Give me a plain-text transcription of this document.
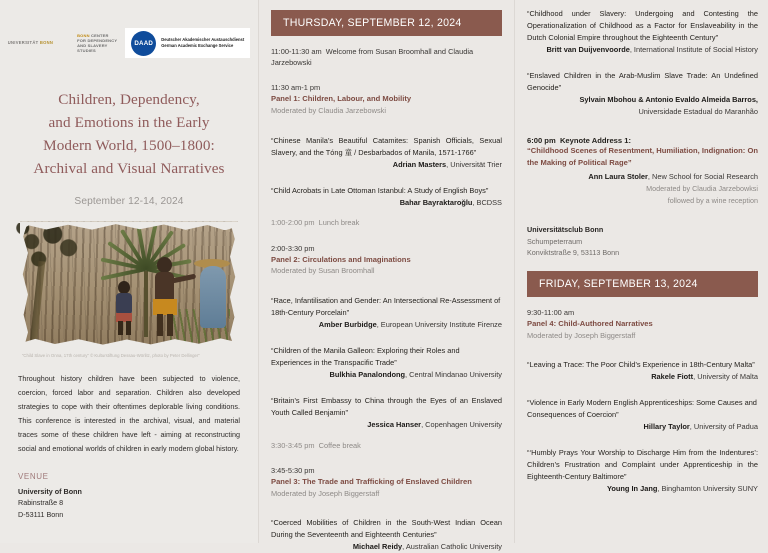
UNIVERSITÄT BONN
BONN CENTER
FOR DEPENDENCY
AND SLAVERY
STUDIES
DAAD	Deutscher Akademischer Austauschdienst
German Academic Exchange Service
Children, Dependency,
and Emotions in the Early
Modern World, 1500–1800:
Archival and Visual Narratives
September 12-14, 2024
“Child Slave in Onna, 17th century” © Kulturstiftung Dessau-Wörlitz, photo by Peter Dellinger”
Throughout history children have been subjected to violence, coercion, forced labor and separation. Children also developed strategies to cope with their oftentimes deplorable living conditions. This conference is interested in the archival, visual, and material traces some of these children have left - aiming at reconstructing social and emotional worlds of children in early modern global history.
VENUE
University of Bonn
Rabinstraße 8
D-53111 Bonn
THURSDAY, SEPTEMBER 12, 2024
11:00-11:30 am Welcome from Susan Broomhall and Claudia Jarzebowski
11:30 am-1 pm
Panel 1: Children, Labour, and Mobility
Moderated by Claudia Jarzebowski
“Chinese Manila’s Beautiful Catamites: Spanish Officials, Sexual Slavery, and the Tóng 童 / Desbarbados of Manila, 1571-1766”
Adrian Masters, Universität Trier
“Child Acrobats in Late Ottoman Istanbul: A Study of English Boys”
Bahar Bayraktaroğlu, BCDSS
1:00-2:00 pm Lunch break
2:00-3:30 pm
Panel 2: Circulations and Imaginations
Moderated by Susan Broomhall
“Race, Infantilisation and Gender: An Intersectional Re-Assessment of 18th-Century Porcelain”
Amber Burbidge, European University Institute Firenze
“Children of the Manila Galleon: Exploring their Roles and Experiences in the Transpacific Trade”
Bulkhia Panalondong, Central Mindanao University
“Britain’s First Embassy to China through the Eyes of an Enslaved Youth Called Benjamin”
Jessica Hanser, Copenhagen University
3:30-3:45 pm Coffee break
3:45-5:30 pm
Panel 3: The Trade and Trafficking of Enslaved Children
Moderated by Joseph Biggerstaff
“Coerced Mobilities of Children in the South-West Indian Ocean During the Seventeenth and Eighteenth Centuries”
Michael Reidy, Australian Catholic University
“Childhood under Slavery: Undergoing and Contesting the Operationalization of Childhood as a Factor for Enslaveability in the Dutch Colonial Empire throughout the Eighteenth Century”
Britt van Duijvenvoorde, International Institute of Social History
“Enslaved Children in the Arab-Muslim Slave Trade: An Undefined Genocide”
Sylvain Mbohou & Antonio Evaldo Almeida Barros,
Universidade Estadual do Maranhão
6:00 pm Keynote Address 1:
“Childhood Scenes of Resentment, Humiliation, Indignation: On the Making of Political Rage”
Ann Laura Stoler, New School for Social Research
Moderated by Claudia Jarzebowksi
followed by a wine reception
Universitätsclub Bonn
Schumpeterraum
Konviktstraße 9, 53113 Bonn
FRIDAY, SEPTEMBER 13, 2024
9:30-11:00 am
Panel 4: Child-Authored Narratives
Moderated by Joseph Biggerstaff
“Leaving a Trace: The Poor Child’s Experience in 18th-Century Malta”
Rakele Fiott, University of Malta
“Violence in Early Modern English Apprenticeships: Some Causes and Consequences of Coercion”
Hillary Taylor, University of Padua
“‘Humbly Prays Your Worship to Discharge Him from the Indentures’: Children’s Frustration and Complaint under Apprenticeship in the Eighteenth-Century Baltimore”
Young In Jang, Binghamton University SUNY
